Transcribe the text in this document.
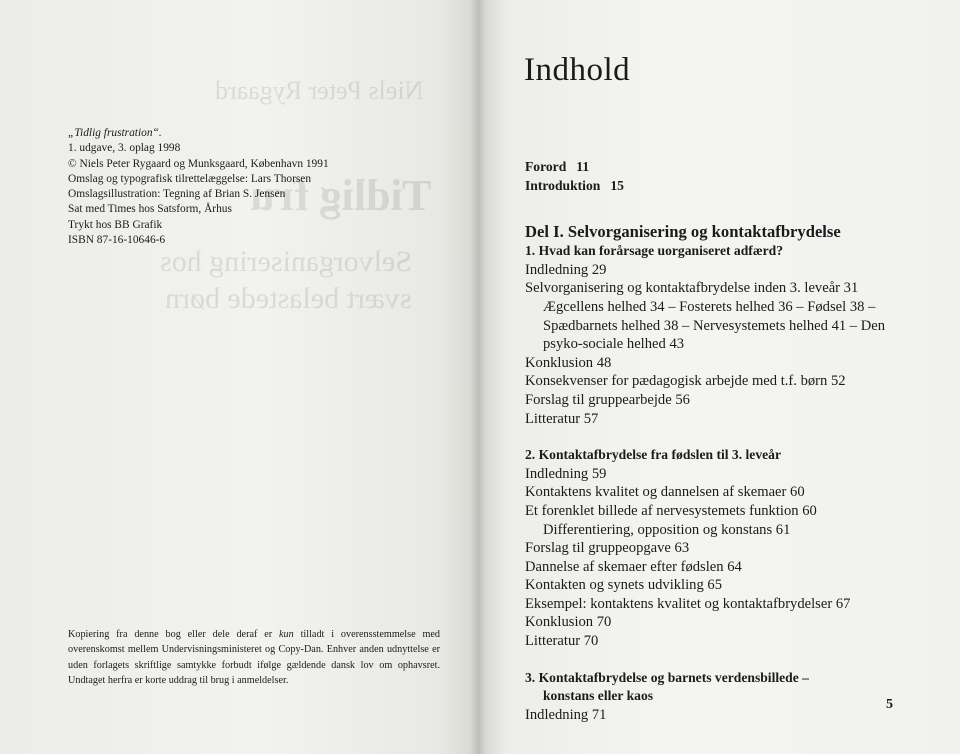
Niels Peter Rygaard
Tidlig fru
Selvorganisering hos
svært belastede børn
„Tidlig frustration“.
1. udgave, 3. oplag 1998
© Niels Peter Rygaard og Munksgaard, København 1991
Omslag og typografisk tilrettelæggelse: Lars Thorsen
Omslagsillustration: Tegning af Brian S. Jensen
Sat med Times hos Satsform, Århus
Trykt hos BB Grafik
ISBN 87-16-10646-6
Kopiering fra denne bog eller dele deraf er kun tilladt i overensstemmelse med overenskomst mellem Undervisningsministeret og Copy-Dan. Enhver anden udnyttelse er uden forlagets skriftlige samtykke forbudt ifølge gældende dansk lov om ophavsret. Undtaget herfra er korte uddrag til brug i anmeldelser.
Indhold
Forord 11
Introduktion 15
Del I. Selvorganisering og kontaktafbrydelse
1. Hvad kan forårsage uorganiseret adfærd?
Indledning 29
Selvorganisering og kontaktafbrydelse inden 3. leveår 31
Ægcellens helhed 34 – Fosterets helhed 36 – Fødsel 38 –
Spædbarnets helhed 38 – Nervesystemets helhed 41 – Den
psyko-sociale helhed 43
Konklusion 48
Konsekvenser for pædagogisk arbejde med t.f. børn 52
Forslag til gruppearbejde 56
Litteratur 57
2. Kontaktafbrydelse fra fødslen til 3. leveår
Indledning 59
Kontaktens kvalitet og dannelsen af skemaer 60
Et forenklet billede af nervesystemets funktion 60
Differentiering, opposition og konstans 61
Forslag til gruppeopgave 63
Dannelse af skemaer efter fødslen 64
Kontakten og synets udvikling 65
Eksempel: kontaktens kvalitet og kontaktafbrydelser 67
Konklusion 70
Litteratur 70
3. Kontaktafbrydelse og barnets verdensbillede –
konstans eller kaos
Indledning 71
5
